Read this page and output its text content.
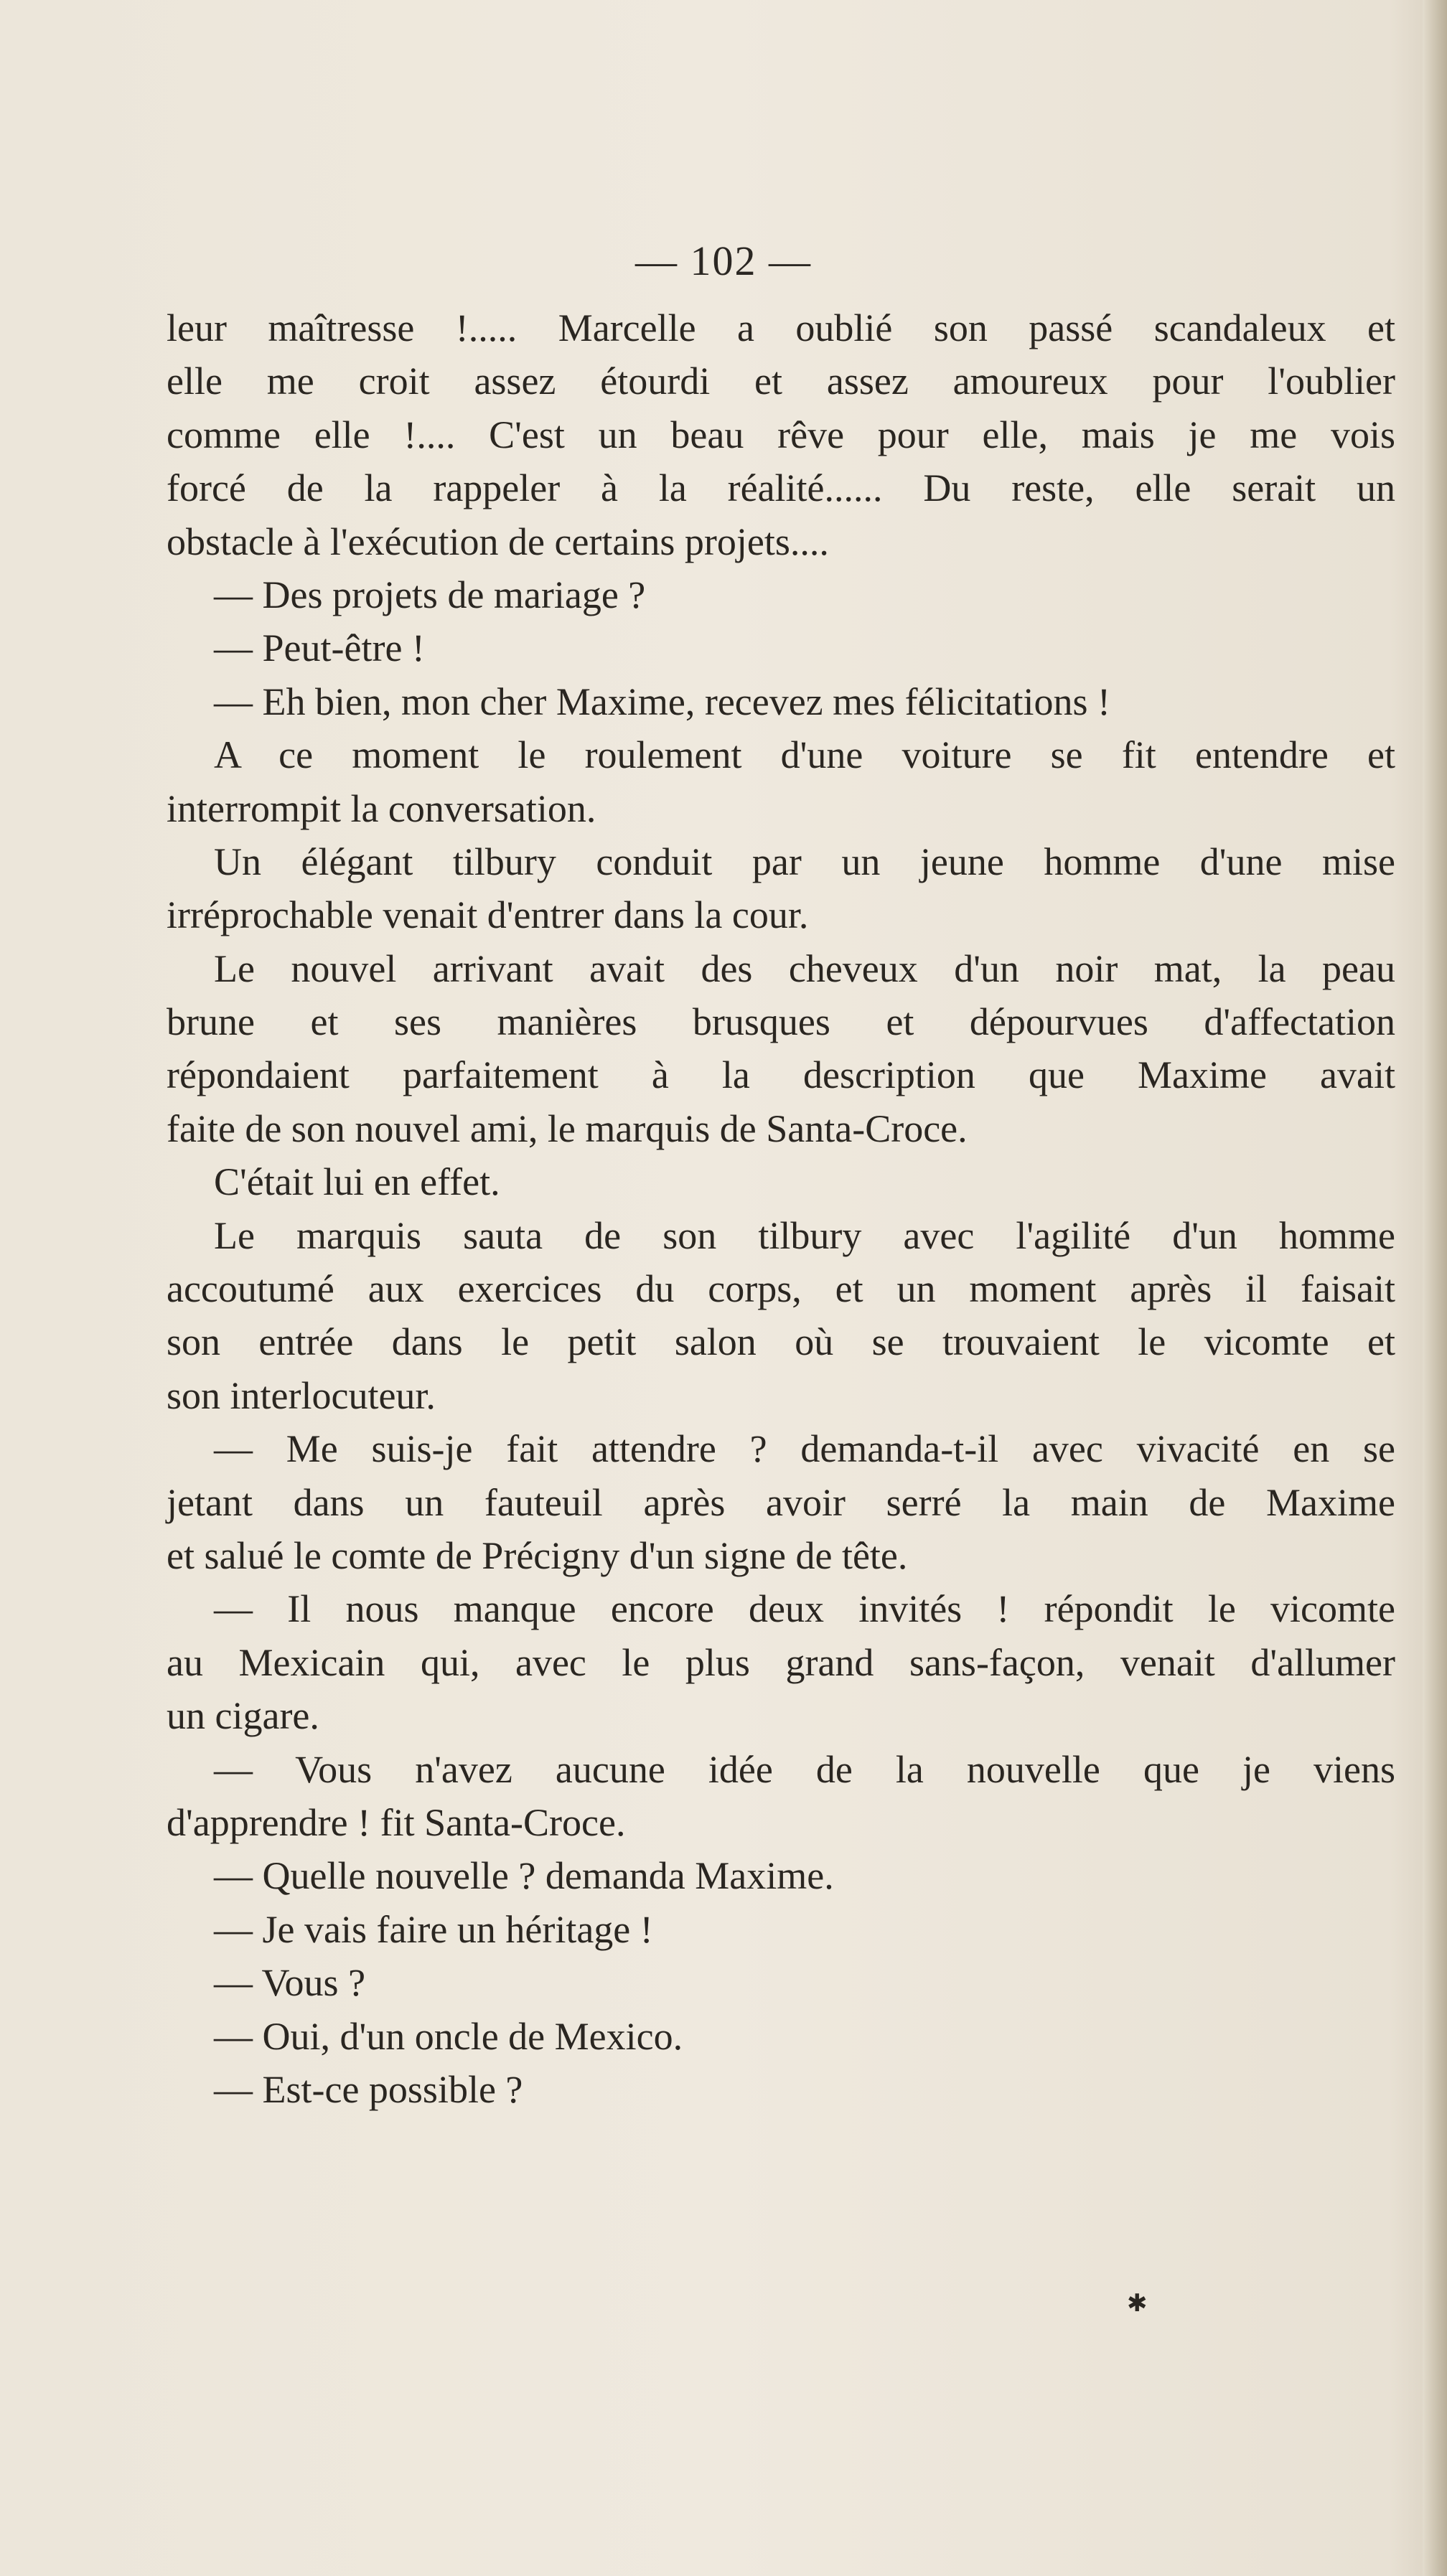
— 102 —
leur maîtresse !..... Marcelle a oublié son passé scandaleux et
elle me croit assez étourdi et assez amoureux pour l'oublier
comme elle !.... C'est un beau rêve pour elle, mais je me vois
forcé de la rappeler à la réalité...... Du reste, elle serait un
obstacle à l'exécution de certains projets....
— Des projets de mariage ?
— Peut-être !
— Eh bien, mon cher Maxime, recevez mes félicitations !
A ce moment le roulement d'une voiture se fit entendre et
interrompit la conversation.
Un élégant tilbury conduit par un jeune homme d'une mise
irréprochable venait d'entrer dans la cour.
Le nouvel arrivant avait des cheveux d'un noir mat, la peau
brune et ses manières brusques et dépourvues d'affectation
répondaient parfaitement à la description que Maxime avait
faite de son nouvel ami, le marquis de Santa-Croce.
C'était lui en effet.
Le marquis sauta de son tilbury avec l'agilité d'un homme
accoutumé aux exercices du corps, et un moment après il faisait
son entrée dans le petit salon où se trouvaient le vicomte et
son interlocuteur.
— Me suis-je fait attendre ? demanda-t-il avec vivacité en se
jetant dans un fauteuil après avoir serré la main de Maxime
et salué le comte de Précigny d'un signe de tête.
— Il nous manque encore deux invités ! répondit le vicomte
au Mexicain qui, avec le plus grand sans-façon, venait d'allumer
un cigare.
— Vous n'avez aucune idée de la nouvelle que je viens
d'apprendre ! fit Santa-Croce.
— Quelle nouvelle ? demanda Maxime.
— Je vais faire un héritage !
— Vous ?
— Oui, d'un oncle de Mexico.
— Est-ce possible ?
✱
